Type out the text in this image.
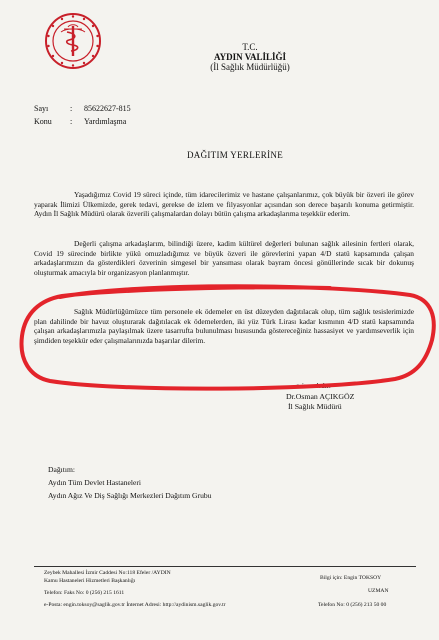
T.C.
AYDIN VALİLİĞİ
(İl Sağlık Müdürlüğü)
Sayı	: 85622627-815
Konu : Yardımlaşma
DAĞITIM YERLERİNE
Yaşadığımız Covid 19 süreci içinde, tüm idarecilerimiz ve hastane çalışanlarımız, çok büyük bir özveri ile görev yaparak İlimizi Ülkemizde, gerek tedavi, gerekse de izlem ve filyasyonlar açısından son derece başarılı konuma getirmiştir. Aydın İl Sağlık Müdürü olarak özverili çalışmalardan dolayı bütün çalışma arkadaşlarıma teşekkür ederim.
Değerli çalışma arkadaşlarım, bilindiği üzere, kadim kültürel değerleri bulunan sağlık ailesinin fertleri olarak, Covid 19 sürecinde birlikte yükü omuzladığımız ve büyük özveri ile görevlerini yapan 4/D statü kapsamında çalışan arkadaşlarımızın da gösterdikleri özverinin simgesel bir yansıması olarak bayram öncesi gönüllerinde sıcak bir dokunuş oluşturmak amacıyla bir organizasyon planlanmıştır.
Sağlık Müdürlüğümüzce tüm personele ek ödemeler en üst düzeyden dağıtılacak olup, tüm sağlık tesislerimizde plan dahilinde bir havuz oluşturarak dağıtılacak ek ödemelerden, iki yüz Türk Lirası kadar kısmının 4/D statü kapsamında çalışan arkadaşlarımızla paylaşılmak üzere tasarrufta bulunulması hususunda göstereceğiniz hassasiyet ve yardımseverlik için şimdiden teşekkür eder çalışmalarınızda başarılar dilerim.
e-imzalıdır.
Dr.Osman AÇIKGÖZ
İl Sağlık Müdürü
Dağıtım:
Aydın Tüm Devlet Hastaneleri
Aydın Ağız Ve Diş Sağlığı Merkezleri Dağıtım Grubu
Zeybek Mahallesi İzmir Caddesi No:118 Efeler /AYDIN
Kamu Hastaneleri Hizmetleri Başkanlığı
Telefon: Faks No: 0 (256) 215 1611
e-Posta: engin.toksoy@saglik.gov.tr İnternet Adresi: http://aydinism.saglik.gov.tr
Bilgi için: Engin TOKSOY
UZMAN
Telefon No: 0 (256) 213 50 00
